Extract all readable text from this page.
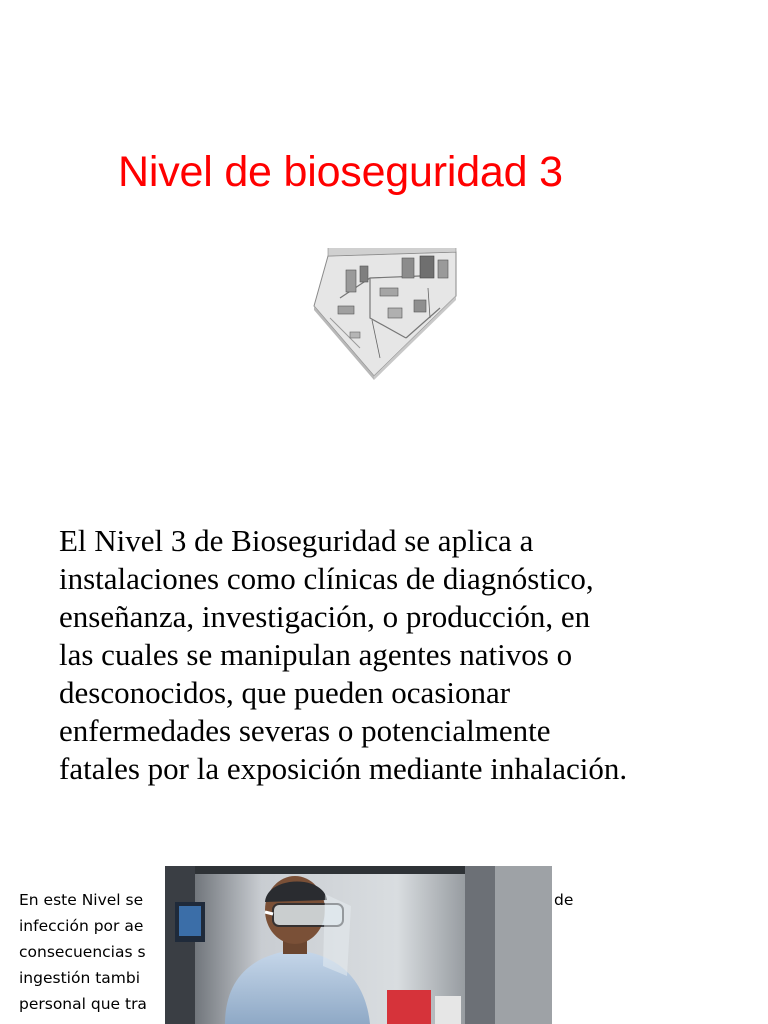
Nivel de bioseguridad 3
El Nivel 3 de Bioseguridad se aplica a
instalaciones como clínicas de diagnóstico,
enseñanza, investigación, o producción, en
las cuales se manipulan agentes nativos o
desconocidos, que pueden ocasionar
enfermedades severas o potencialmente
fatales por la exposición mediante inhalación.
En este Nivel se
infección por ae
consecuencias s
ingestión tambi
personal que tra
de
